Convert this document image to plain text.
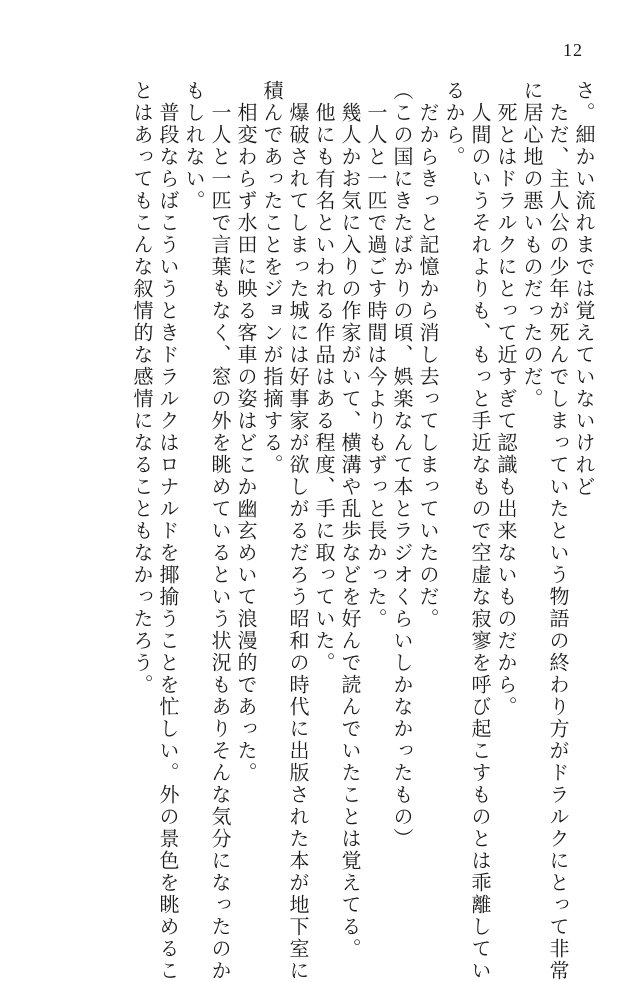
12
さ。細かい流れまでは覚えていないけれど
　ただ、主人公の少年が死んでしまっていたという物語の終わり方がドラルクにとって非常
に居心地の悪いものだったのだ。
　死とはドラルクにとって近すぎて認識も出来ないものだから。
　人間のいうそれよりも、もっと手近なもので空虚な寂寥を呼び起こすものとは乖離してい
るから。
　だからきっと記憶から消し去ってしまっていたのだ。
（この国にきたばかりの頃、娯楽なんて本とラジオくらいしかなかったもの）
　一人と一匹で過ごす時間は今よりもずっと長かった。
　幾人かお気に入りの作家がいて、横溝や乱歩などを好んで読んでいたことは覚えてる。
　他にも有名といわれる作品はある程度、手に取っていた。
　爆破されてしまった城には好事家が欲しがるだろう昭和の時代に出版された本が地下室に
積んであったことをジョンが指摘する。
　相変わらず水田に映る客車の姿はどこか幽玄めいて浪漫的であった。
　一人と一匹で言葉もなく、窓の外を眺めているという状況もありそんな気分になったのか
もしれない。
　普段ならばこういうときドラルクはロナルドを揶揄うことを忙しい。外の景色を眺めるこ
とはあってもこんな叙情的な感情になることもなかったろう。
